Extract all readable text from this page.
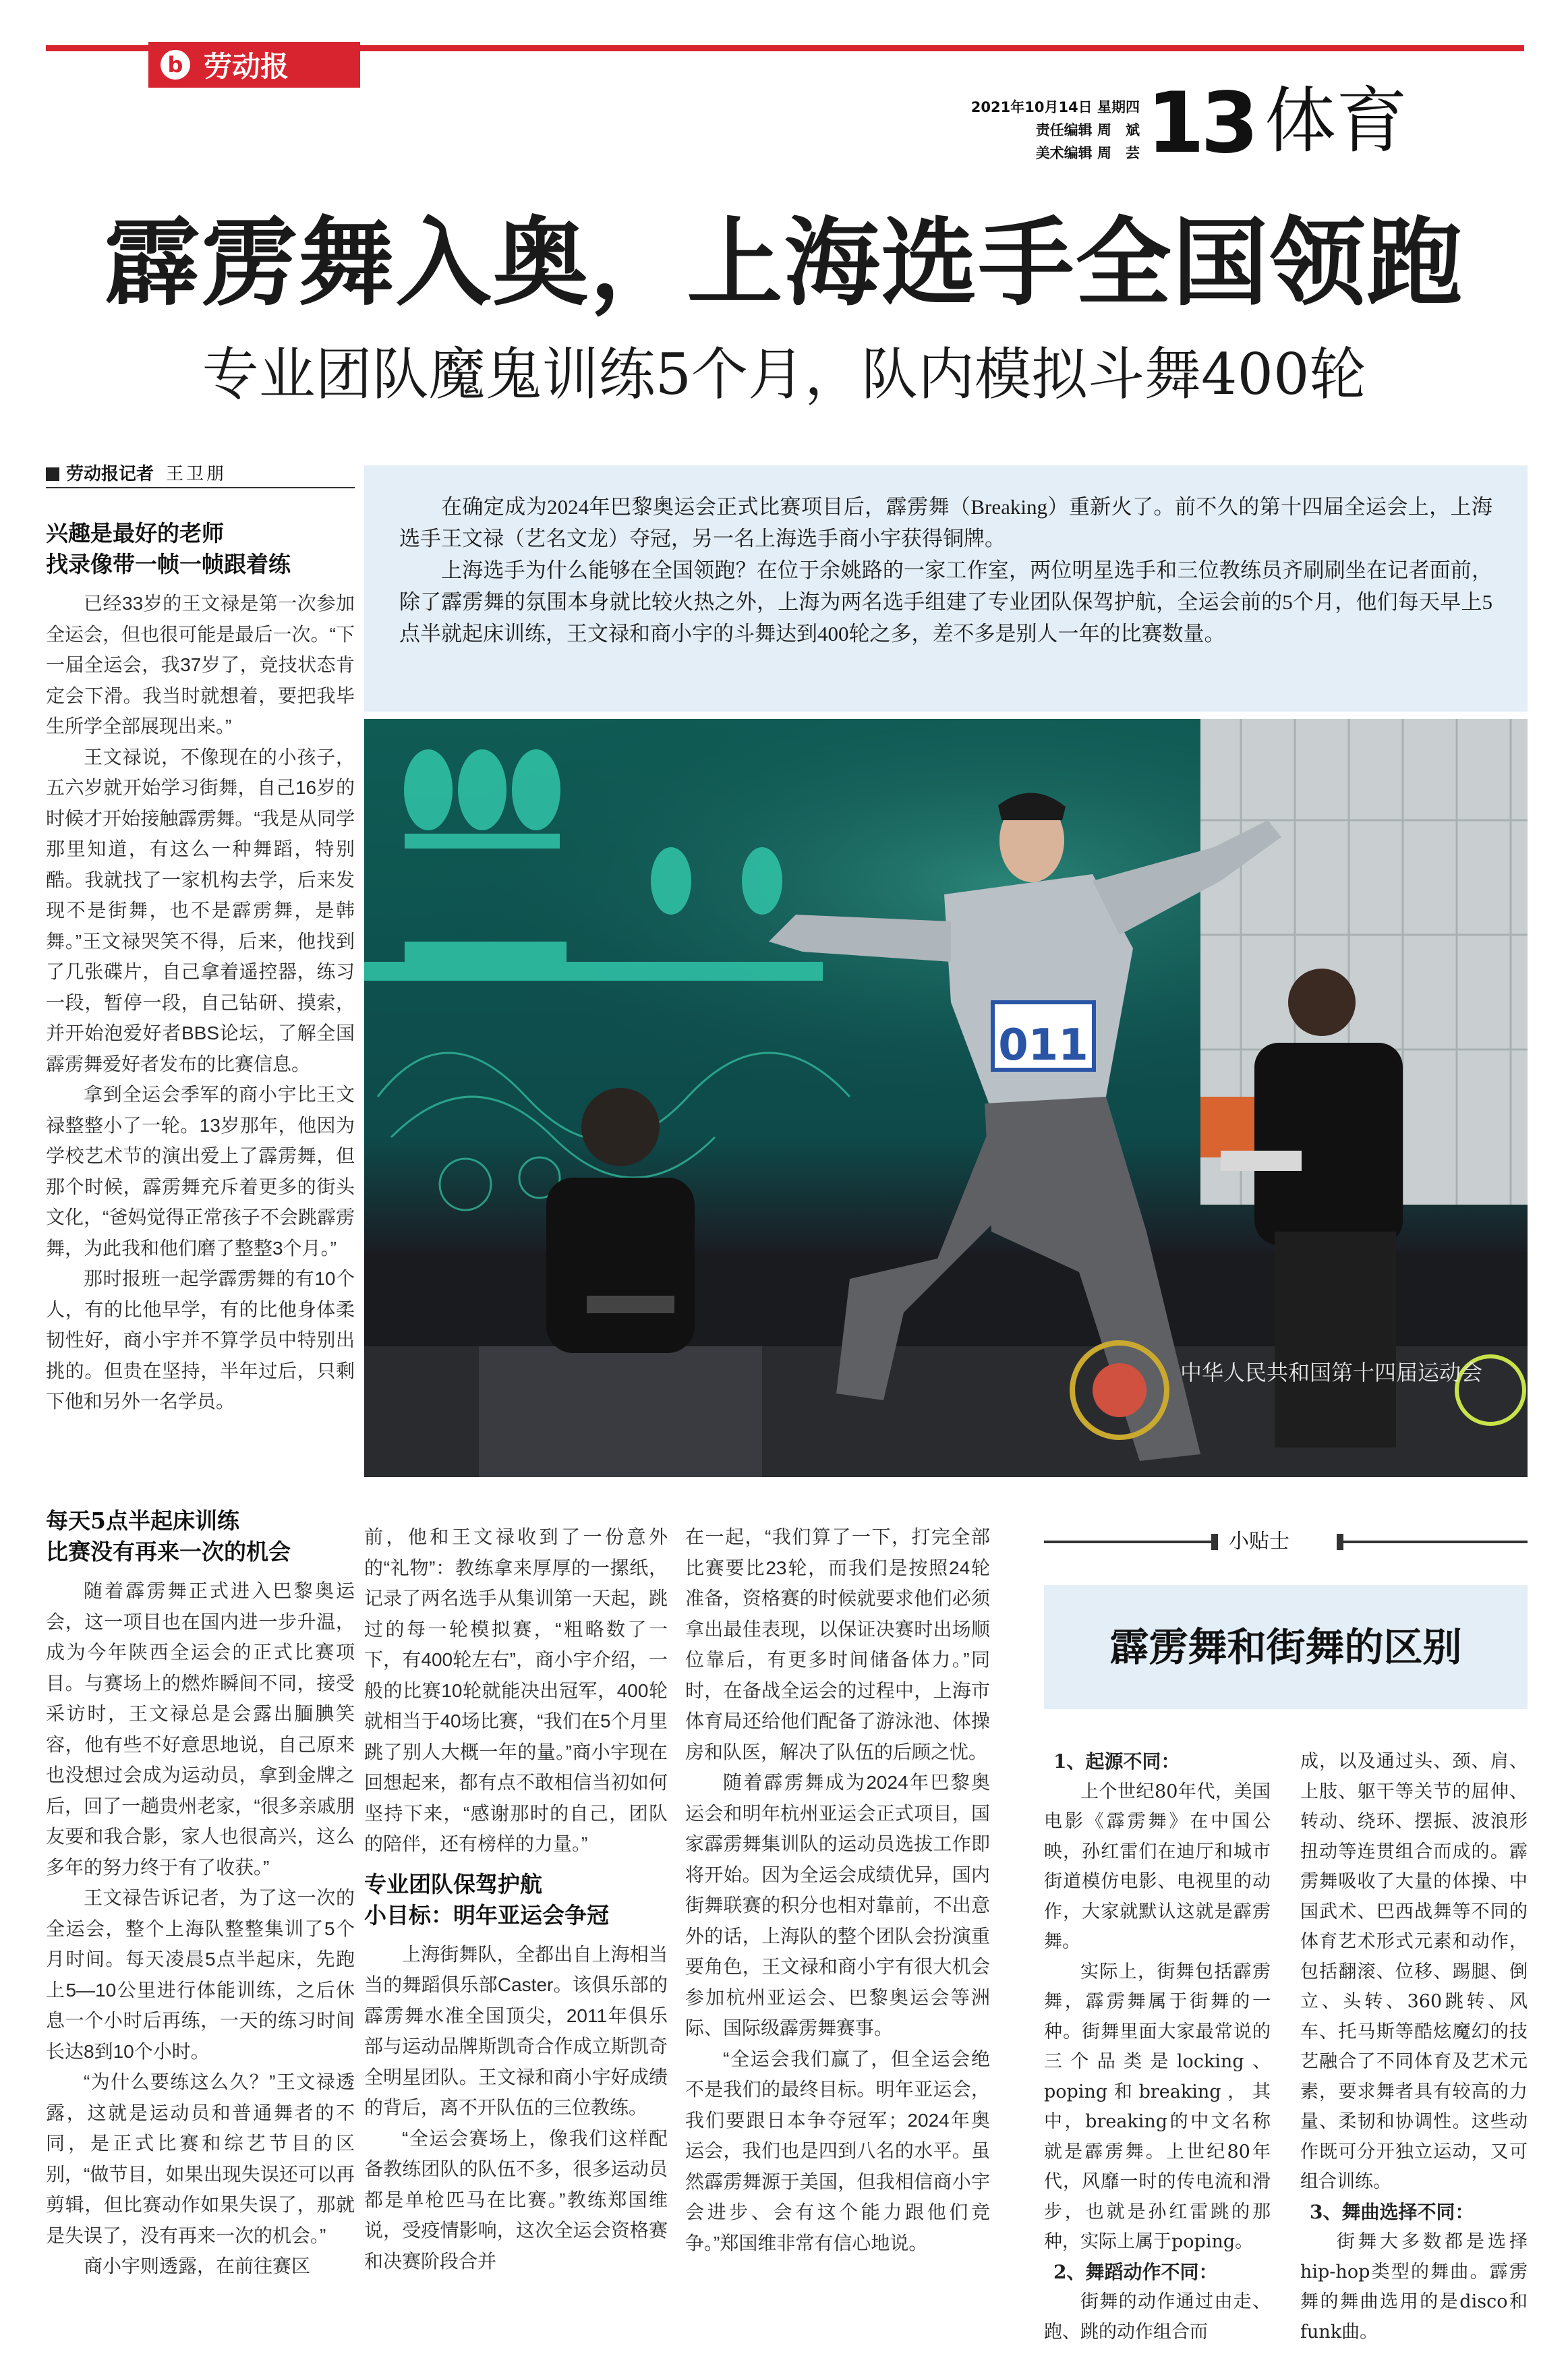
b 劳动报
2021年10月14日 星期四
责任编辑 周　斌
美术编辑 周　芸 13 体育
霹雳舞入奥，上海选手全国领跑
专业团队魔鬼训练5个月，队内模拟斗舞400轮
劳动报记者 王卫朋

在确定成为2024年巴黎奥运会正式比赛项目后，霹雳舞（Breaking）重新火了。前不久的第十四届全运会上，上海选手王文禄（艺名文龙）夺冠，另一名上海选手商小宇获得铜牌。

上海选手为什么能够在全国领跑？在位于余姚路的一家工作室，两位明星选手和三位教练员齐刷刷坐在记者面前，除了霹雳舞的氛围本身就比较火热之外，上海为两名选手组建了专业团队保驾护航，全运会前的5个月，他们每天早上5点半就起床训练，王文禄和商小宇的斗舞达到400轮之多，差不多是别人一年的比赛数量。

011
中华人民共和国第十四届运动会
兴趣是最好的老师
找录像带一帧一帧跟着练

已经33岁的王文禄是第一次参加全运会，但也很可能是最后一次。“下一届全运会，我37岁了，竞技状态肯定会下滑。我当时就想着，要把我毕生所学全部展现出来。”

王文禄说，不像现在的小孩子，五六岁就开始学习街舞，自己16岁的时候才开始接触霹雳舞。“我是从同学那里知道，有这么一种舞蹈，特别酷。我就找了一家机构去学，后来发现不是街舞，也不是霹雳舞，是韩舞。”王文禄哭笑不得，后来，他找到了几张碟片，自己拿着遥控器，练习一段，暂停一段，自己钻研、摸索，并开始泡爱好者BBS论坛，了解全国霹雳舞爱好者发布的比赛信息。

拿到全运会季军的商小宇比王文禄整整小了一轮。13岁那年，他因为学校艺术节的演出爱上了霹雳舞，但那个时候，霹雳舞充斥着更多的街头文化，“爸妈觉得正常孩子不会跳霹雳舞，为此我和他们磨了整整3个月。”

那时报班一起学霹雳舞的有10个人，有的比他早学，有的比他身体柔韧性好，商小宇并不算学员中特别出挑的。但贵在坚持，半年过后，只剩下他和另外一名学员。

每天5点半起床训练
比赛没有再来一次的机会

随着霹雳舞正式进入巴黎奥运会，这一项目也在国内进一步升温，成为今年陕西全运会的正式比赛项目。与赛场上的燃炸瞬间不同，接受采访时，王文禄总是会露出腼腆笑容，他有些不好意思地说，自己原来也没想过会成为运动员，拿到金牌之后，回了一趟贵州老家，“很多亲戚朋友要和我合影，家人也很高兴，这么多年的努力终于有了收获。”

王文禄告诉记者，为了这一次的全运会，整个上海队整整集训了5个月时间。每天凌晨5点半起床，先跑上5—10公里进行体能训练，之后休息一个小时后再练，一天的练习时间长达8到10个小时。

“为什么要练这么久？”王文禄透露，这就是运动员和普通舞者的不同，是正式比赛和综艺节目的区别，“做节目，如果出现失误还可以再剪辑，但比赛动作如果失误了，那就是失误了，没有再来一次的机会。”

商小宇则透露，在前往赛区

前，他和王文禄收到了一份意外的“礼物”：教练拿来厚厚的一摞纸，记录了两名选手从集训第一天起，跳过的每一轮模拟赛，“粗略数了一下，有400轮左右”，商小宇介绍，一般的比赛10轮就能决出冠军，400轮就相当于40场比赛，“我们在5个月里跳了别人大概一年的量。”商小宇现在回想起来，都有点不敢相信当初如何坚持下来，“感谢那时的自己，团队的陪伴，还有榜样的力量。”

专业团队保驾护航
小目标：明年亚运会争冠

上海街舞队，全都出自上海相当当的舞蹈俱乐部Caster。该俱乐部的霹雳舞水准全国顶尖，2011年俱乐部与运动品牌斯凯奇合作成立斯凯奇全明星团队。王文禄和商小宇好成绩的背后，离不开队伍的三位教练。

“全运会赛场上，像我们这样配备教练团队的队伍不多，很多运动员都是单枪匹马在比赛。”教练郑国维说，受疫情影响，这次全运会资格赛和决赛阶段合并

在一起，“我们算了一下，打完全部比赛要比23轮，而我们是按照24轮准备，资格赛的时候就要求他们必须拿出最佳表现，以保证决赛时出场顺位靠后，有更多时间储备体力。”同时，在备战全运会的过程中，上海市体育局还给他们配备了游泳池、体操房和队医，解决了队伍的后顾之忧。

随着霹雳舞成为2024年巴黎奥运会和明年杭州亚运会正式项目，国家霹雳舞集训队的运动员选拔工作即将开始。因为全运会成绩优异，国内街舞联赛的积分也相对靠前，不出意外的话，上海队的整个团队会扮演重要角色，王文禄和商小宇有很大机会参加杭州亚运会、巴黎奥运会等洲际、国际级霹雳舞赛事。

“全运会我们赢了，但全运会绝不是我们的最终目标。明年亚运会，我们要跟日本争夺冠军；2024年奥运会，我们也是四到八名的水平。虽然霹雳舞源于美国，但我相信商小宇会进步、会有这个能力跟他们竞争。”郑国维非常有信心地说。

小贴士
霹雳舞和街舞的区别
1、起源不同：

上个世纪80年代，美国电影《霹雳舞》在中国公映，孙红雷们在迪厅和城市街道模仿电影、电视里的动作，大家就默认这就是霹雳舞。

实际上，街舞包括霹雳舞，霹雳舞属于街舞的一种。街舞里面大家最常说的三个品类是locking、poping和breaking，其中，breaking的中文名称就是霹雳舞。上世纪80年代，风靡一时的传电流和滑步，也就是孙红雷跳的那种，实际上属于poping。

2、舞蹈动作不同：

街舞的动作通过由走、跑、跳的动作组合而

成，以及通过头、颈、肩、上肢、躯干等关节的屈伸、转动、绕环、摆振、波浪形扭动等连贯组合而成的。霹雳舞吸收了大量的体操、中国武术、巴西战舞等不同的体育艺术形式元素和动作，包括翻滚、位移、踢腿、倒立、头转、360跳转、风车、托马斯等酷炫魔幻的技艺融合了不同体育及艺术元素，要求舞者具有较高的力量、柔韧和协调性。这些动作既可分开独立运动，又可组合训练。

3、舞曲选择不同：

街舞大多数都是选择hip-hop类型的舞曲。霹雳舞的舞曲选用的是disco和funk曲。
